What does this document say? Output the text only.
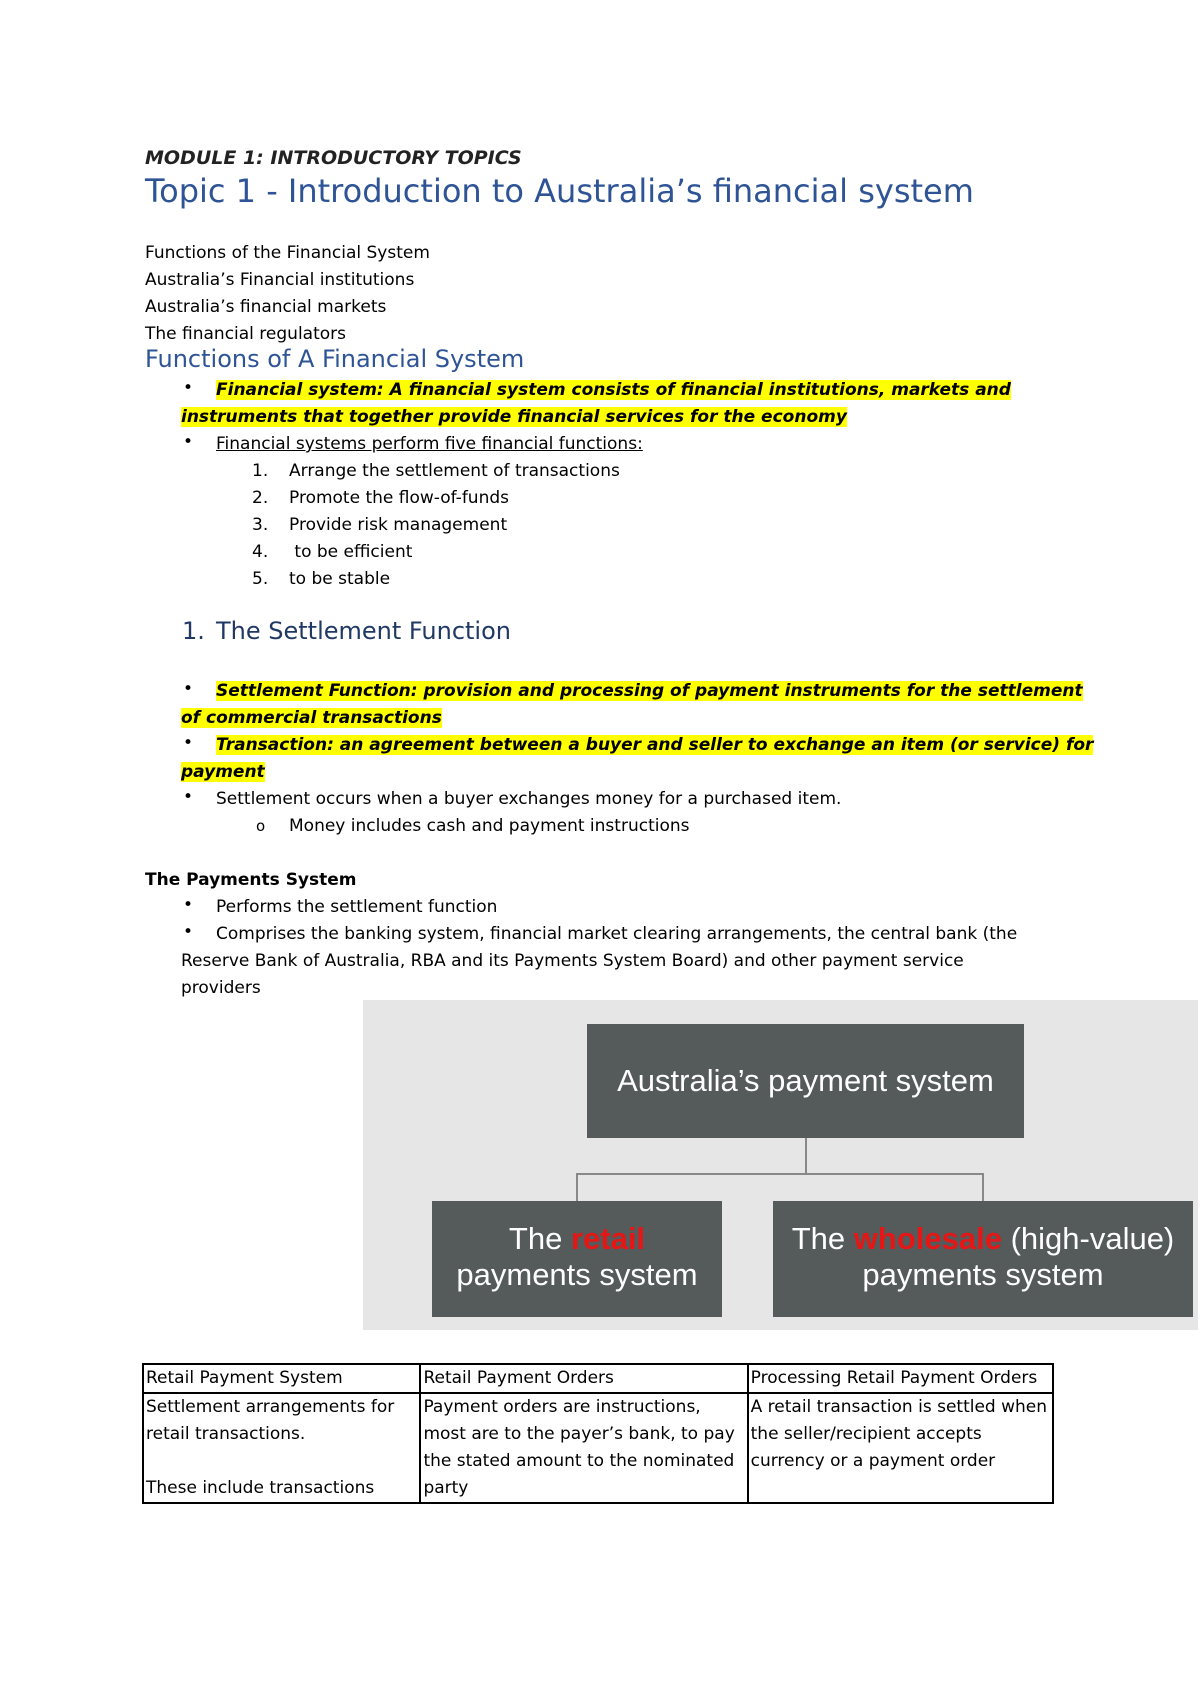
MODULE 1: INTRODUCTORY TOPICS
Topic 1 - Introduction to Australia’s financial system
Functions of the Financial System
Australia’s Financial institutions
Australia’s financial markets
The financial regulators
Functions of A Financial System
• Financial system: A financial system consists of financial institutions, markets and
instruments that together provide financial services for the economy
• Financial systems perform five financial functions:
1. Arrange the settlement of transactions
2. Promote the flow-of-funds
3. Provide risk management
4. to be efficient
5. to be stable
1. The Settlement Function
• Settlement Function: provision and processing of payment instruments for the settlement
of commercial transactions
• Transaction: an agreement between a buyer and seller to exchange an item (or service) for
payment
• Settlement occurs when a buyer exchanges money for a purchased item.
o Money includes cash and payment instructions
The Payments System
• Performs the settlement function
• Comprises the banking system, financial market clearing arrangements, the central bank (the
Reserve Bank of Australia, RBA and its Payments System Board) and other payment service
providers
Australia’s payment system
The retail
payments system
The wholesale (high-value)
payments system
Retail Payment System	Retail Payment Orders	Processing Retail Payment Orders
Settlement arrangements for retail transactions.

These include transactions	Payment orders are instructions, most are to the payer’s bank, to pay the stated amount to the nominated party	A retail transaction is settled when the seller/recipient accepts currency or a payment order
